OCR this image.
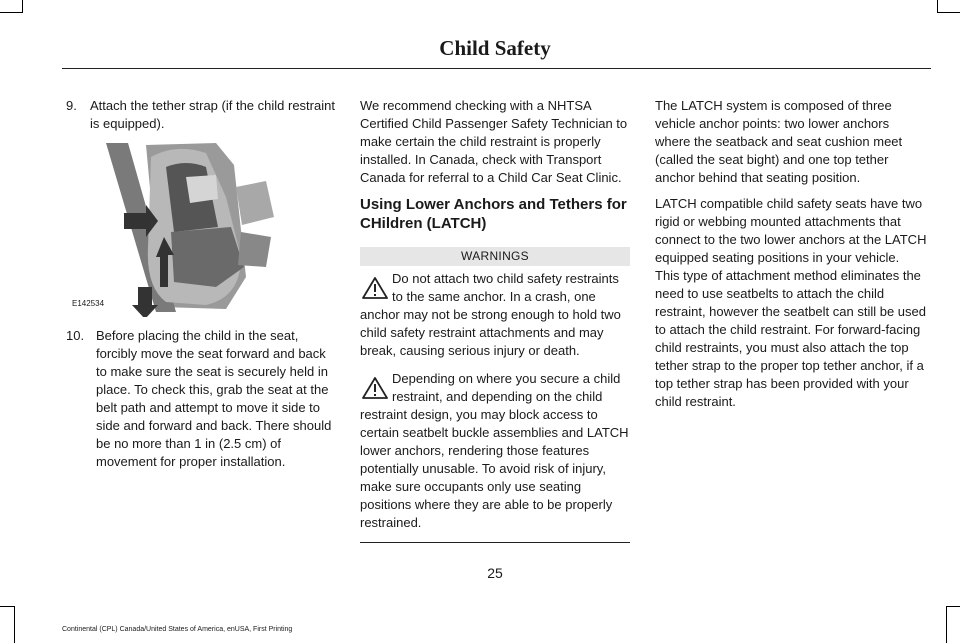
Child Safety
9. Attach the tether strap (if the child restraint is equipped).
E142534
10. Before placing the child in the seat, forcibly move the seat forward and back to make sure the seat is securely held in place. To check this, grab the seat at the belt path and attempt to move it side to side and forward and back. There should be no more than 1 in (2.5 cm) of movement for proper installation.

We recommend checking with a NHTSA Certified Child Passenger Safety Technician to make certain the child restraint is properly installed. In Canada, check with Transport Canada for referral to a Child Car Seat Clinic.

Using Lower Anchors and Tethers for CHildren (LATCH)
WARNINGS
Do not attach two child safety restraints to the same anchor. In a crash, one anchor may not be strong enough to hold two child safety restraint attachments and may break, causing serious injury or death.
Depending on where you secure a child restraint, and depending on the child restraint design, you may block access to certain seatbelt buckle assemblies and LATCH lower anchors, rendering those features potentially unusable. To avoid risk of injury, make sure occupants only use seating positions where they are able to be properly restrained.

The LATCH system is composed of three vehicle anchor points: two lower anchors where the seatback and seat cushion meet (called the seat bight) and one top tether anchor behind that seating position.

LATCH compatible child safety seats have two rigid or webbing mounted attachments that connect to the two lower anchors at the LATCH equipped seating positions in your vehicle. This type of attachment method eliminates the need to use seatbelts to attach the child restraint, however the seatbelt can still be used to attach the child restraint. For forward-facing child restraints, you must also attach the top tether strap to the proper top tether anchor, if a top tether strap has been provided with your child restraint.

25
Continental (CPL) Canada/United States of America, enUSA, First Printing
